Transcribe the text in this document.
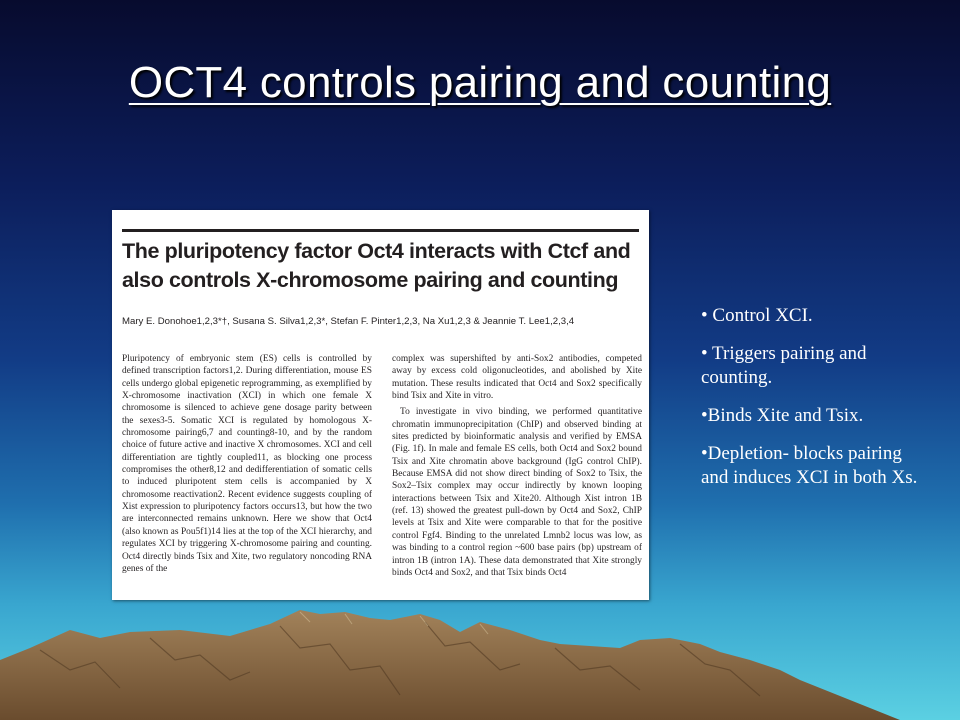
OCT4 controls pairing and counting
The pluripotency factor Oct4 interacts with Ctcf and also controls X-chromosome pairing and counting
Mary E. Donohoe1,2,3*†, Susana S. Silva1,2,3*, Stefan F. Pinter1,2,3, Na Xu1,2,3 & Jeannie T. Lee1,2,3,4

Pluripotency of embryonic stem (ES) cells is controlled by defined transcription factors1,2. During differentiation, mouse ES cells undergo global epigenetic reprogramming, as exemplified by X-chromosome inactivation (XCI) in which one female X chromosome is silenced to achieve gene dosage parity between the sexes3-5. Somatic XCI is regulated by homologous X-chromosome pairing6,7 and counting8-10, and by the random choice of future active and inactive X chromosomes. XCI and cell differentiation are tightly coupled11, as blocking one process compromises the other8,12 and dedifferentiation of somatic cells to induced pluripotent stem cells is accompanied by X chromosome reactivation2. Recent evidence suggests coupling of Xist expression to pluripotency factors occurs13, but how the two are interconnected remains unknown. Here we show that Oct4 (also known as Pou5f1)14 lies at the top of the XCI hierarchy, and regulates XCI by triggering X-chromosome pairing and counting. Oct4 directly binds Tsix and Xite, two regulatory noncoding RNA genes of the

complex was supershifted by anti-Sox2 antibodies, competed away by excess cold oligonucleotides, and abolished by Xite mutation. These results indicated that Oct4 and Sox2 specifically bind Tsix and Xite in vitro.

To investigate in vivo binding, we performed quantitative chromatin immunoprecipitation (ChIP) and observed binding at sites predicted by bioinformatic analysis and verified by EMSA (Fig. 1f). In male and female ES cells, both Oct4 and Sox2 bound Tsix and Xite chromatin above background (IgG control ChIP). Because EMSA did not show direct binding of Sox2 to Tsix, the Sox2–Tsix complex may occur indirectly by known looping interactions between Tsix and Xite20. Although Xist intron 1B (ref. 13) showed the greatest pull-down by Oct4 and Sox2, ChIP levels at Tsix and Xite were comparable to that for the positive control Fgf4. Binding to the unrelated Lmnb2 locus was low, as was binding to a control region ~600 base pairs (bp) upstream of intron 1B (intron 1A). These data demonstrated that Xite strongly binds Oct4 and Sox2, and that Tsix binds Oct4

• Control XCI.

• Triggers pairing and counting.

•Binds Xite and Tsix.

•Depletion- blocks pairing and induces XCI in both Xs.
